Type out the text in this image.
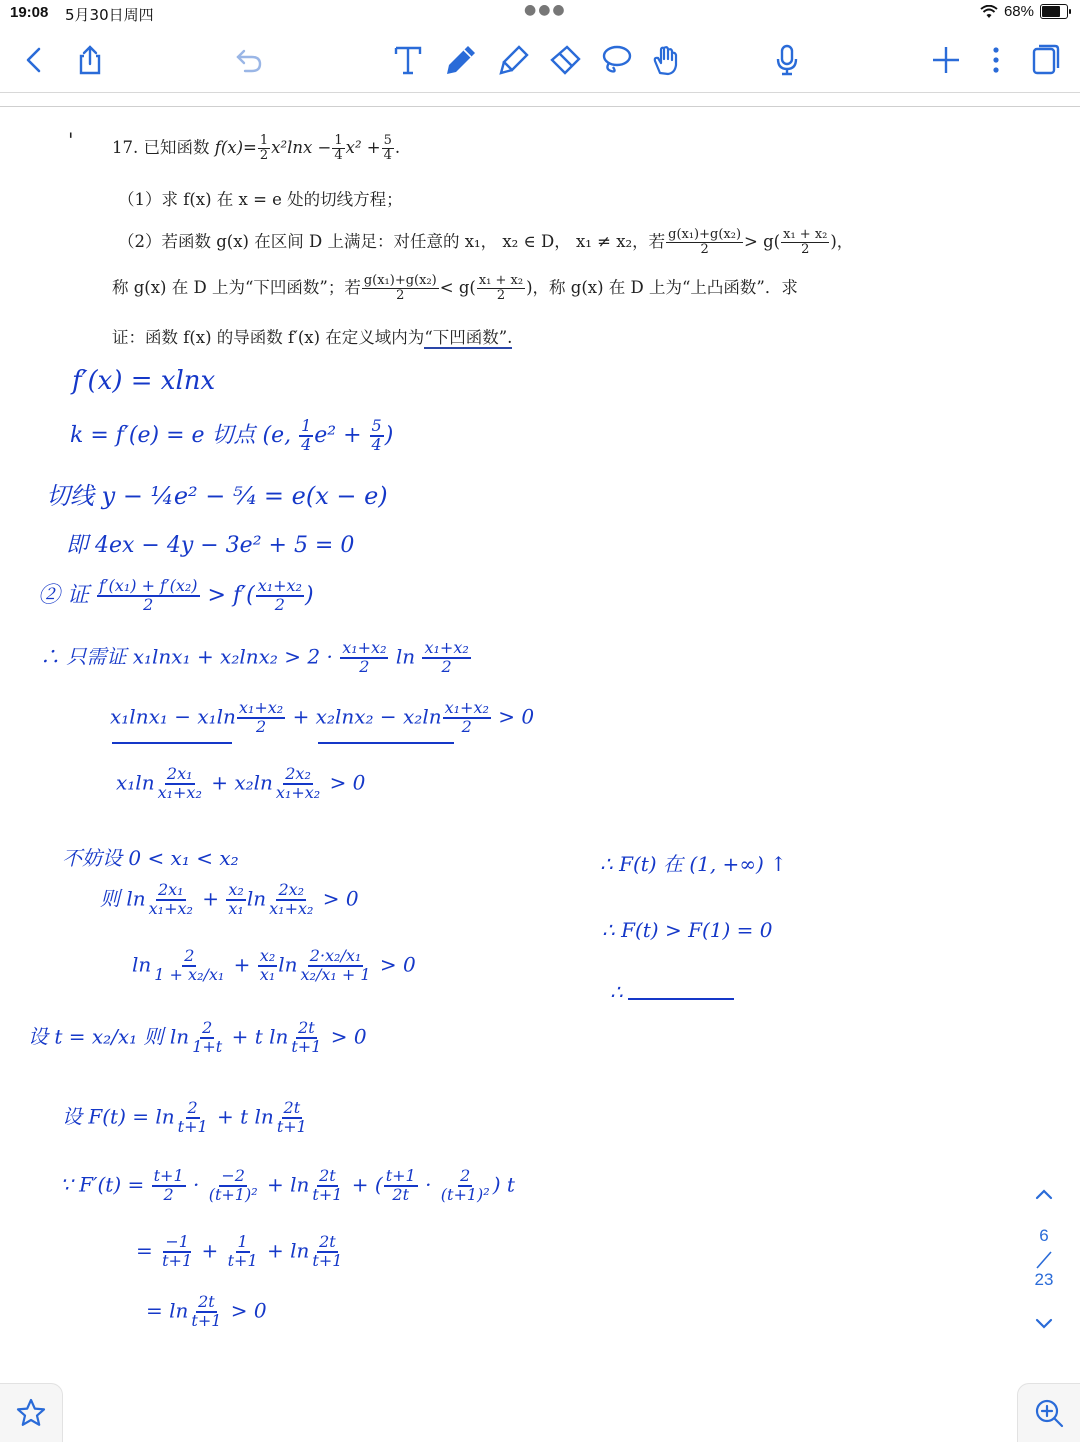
19:08 5月30日周四	●●●	68%
' 17. 已知函数 $f(x)= \frac{1}{2} x^2\ln x - \frac{1}{4} x^2 + \frac{5}{4}$ .
（1）求 f(x) 在 x = e 处的切线方程；
（2）若函数 g(x) 在区间 D 上满足：对任意的 x₁， x₂ ∈ D， x₁ ≠ x₂，若 $\frac{\text{g(x₁)+g(x₂)}}{2} > g( \frac{\text{x₁ + x₂}}{2}$ )，
称 g(x) 在 D 上为“下凹函数”；若 $\frac{\text{g(x₁)+g(x₂)}}{2} < g( \frac{\text{x₁ + x₂}}{2}$ )，称 g(x) 在 D 上为“上凸函数”．求
证：函数 f(x) 的导函数 f′(x) 在定义域内为“下凹函数”.
f′(x) = xlnx
k = f′(e) = e 切点 (e, $\frac{1}{4} e^2 + \frac{5}{4}$ )
切线 y − ¼e² − ⁵⁄₄ = e(x − e)
即 4ex − 4y − 3e² + 5 = 0
② 证 $\frac{\text{f′(x₁) + f′(x₂)}}{2} > f'( \frac{\text{x₁+x₂}}{2}$ )
∴ 只需证 $x_1\ln x_1 + x_2\ln x_2 > 2 \cdot \frac{\text{x₁+x₂}}{2}$ $\ln \frac{\text{x₁+x₂}}{2}$
$x_1\ln x_1 - x_1\ln \frac{\text{x₁+x₂}}{2} + x_2\ln x_2 - x_2\ln \frac{\text{x₁+x₂}}{2} > 0$
$x_1\ln \frac{\text{2x₁}}{\text{x₁+x₂}} + x_2\ln \frac{\text{2x₂}}{\text{x₁+x₂}} > 0$
不妨设 0 < x₁ < x₂
则 $\ln \frac{\text{2x₁}}{\text{x₁+x₂}} + \frac{\text{x₂}}{\text{x₁}}$ $\ln \frac{\text{2x₂}}{\text{x₁+x₂}} > 0$
$\ln \frac{2}{\text{1 + x₂/x₁}} + \frac{\text{x₂}}{\text{x₁}}$ $\ln \frac{\text{2·x₂/x₁}}{\text{x₂/x₁ + 1}} > 0$
设 t = x₂/x₁ 则 $\ln \frac{2}{1+t} + t$ $\ln \frac{2t}{t+1} > 0$
设 $F(t) = \ln \frac{2}{t+1} + t$ $\ln \frac{2t}{t+1}$
∵ $F'(t) = \frac{t+1}{2} \cdot \frac{-2}{\text{(t+1)²}} + \ln \frac{2t}{t+1}$ + ( $\frac{t+1}{2t} \cdot \frac{2}{\text{(t+1)²}}$ ) t
= $\frac{-1}{t+1} + \frac{1}{t+1} + \ln \frac{2t}{t+1}$
= $\ln \frac{2t}{t+1} > 0$
∴ F(t) 在 (1, +∞) ↑
∴ F(t) > F(1) = 0
∴
6
23
